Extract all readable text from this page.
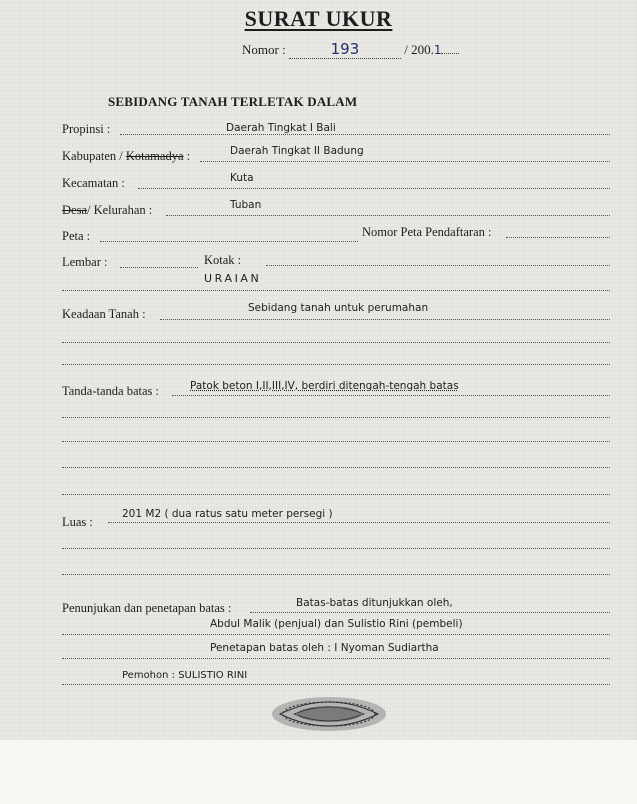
SURAT UKUR
Nomor :	193	/ 200.1
SEBIDANG TANAH TERLETAK DALAM
Propinsi :	Daerah Tingkat I Bali
Kabupaten / Kotamadya :	Daerah Tingkat II Badung
Kecamatan :	Kuta
Desa/ Kelurahan :	Tuban
Peta :	Nomor Peta Pendaftaran :
Lembar :	Kotak :
URAIAN
Keadaan Tanah :	Sebidang tanah untuk perumahan
Tanda-tanda batas :	Patok beton I,II,III,IV, berdiri ditengah-tengah batas
Luas :
201 M2 ( dua ratus satu meter persegi )
Penunjukan dan penetapan batas :	Batas-batas ditunjukkan oleh,
Abdul Malik (penjual) dan Sulistio Rini (pembeli)
Penetapan batas oleh : I Nyoman Sudiartha
Pemohon : SULISTIO RINI
